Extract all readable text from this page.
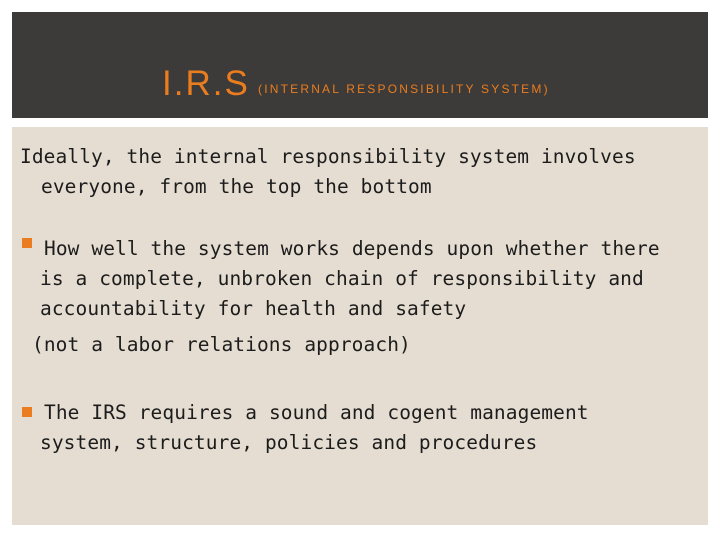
I.R.S (INTERNAL RESPONSIBILITY SYSTEM)
Ideally, the internal responsibility system involves
everyone, from the top the bottom
How well the system works depends upon whether there
is a complete, unbroken chain of responsibility and
accountability for health and safety
(not a labor relations approach)
The IRS requires a sound and cogent management
system, structure, policies and procedures
